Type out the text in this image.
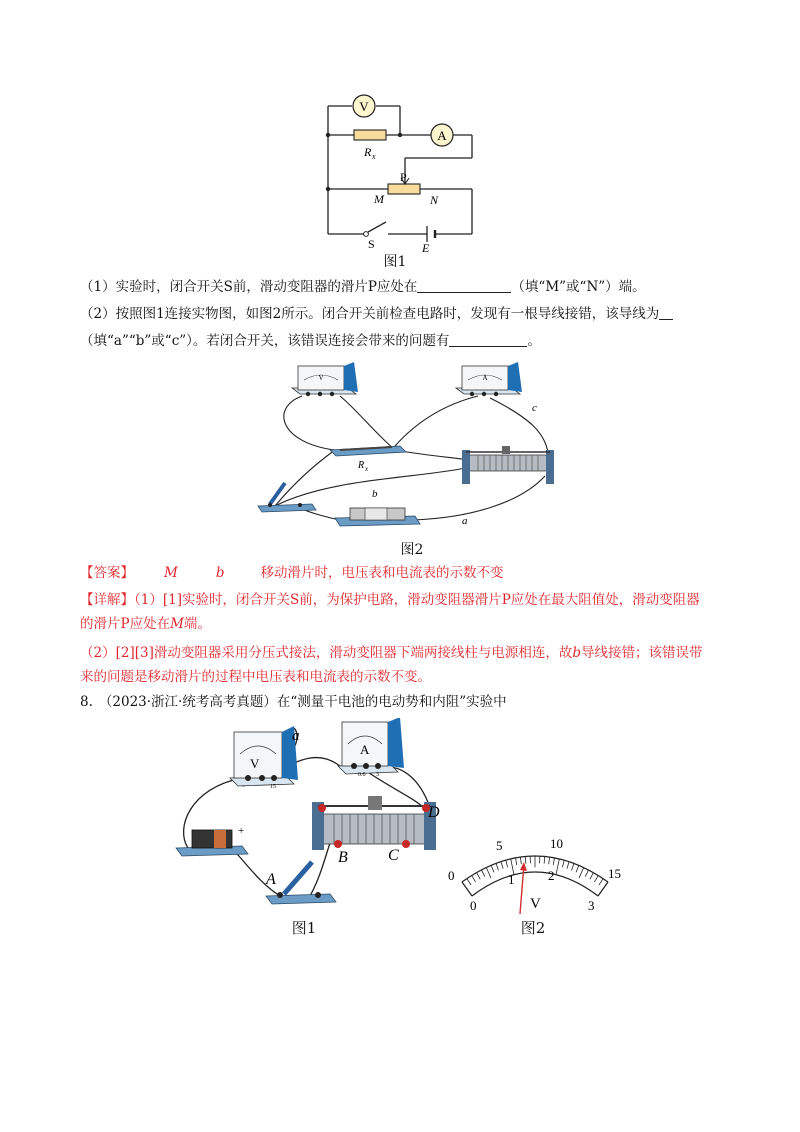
V
A
R x
P
M	N
S	E
图1
（1）实验时，闭合开关S前，滑动变阻器的滑片P应处在	（填“M”或“N”）端。
（2）按照图1连接实物图，如图2所示。闭合开关前检查电路时，发现有一根导线接错，该导线为
（填“a”“b”或“c”）。若闭合开关，该错误连接会带来的问题有	。
V	A
R x
b
a
c
图2
【答案】 M	b	移动滑片时，电压表和电流表的示数不变
【详解】（1）[1]实验时，闭合开关S前，为保护电路，滑动变阻器滑片P应处在最大阻值处，滑动变阻器
的滑片P应处在M端。
（2）[2][3]滑动变阻器采用分压式接法，滑动变阻器下端两接线柱与电源相连，故b导线接错；该错误带
来的问题是移动滑片的过程中电压表和电流表的示数不变。
8. （2023·浙江·统考高考真题）在“测量干电池的电动势和内阻”实验中
V
−	15
a
A
0.6 3
+
D
B	C
A
图1
0
5	10
15
0
1	2
3
V
图2
